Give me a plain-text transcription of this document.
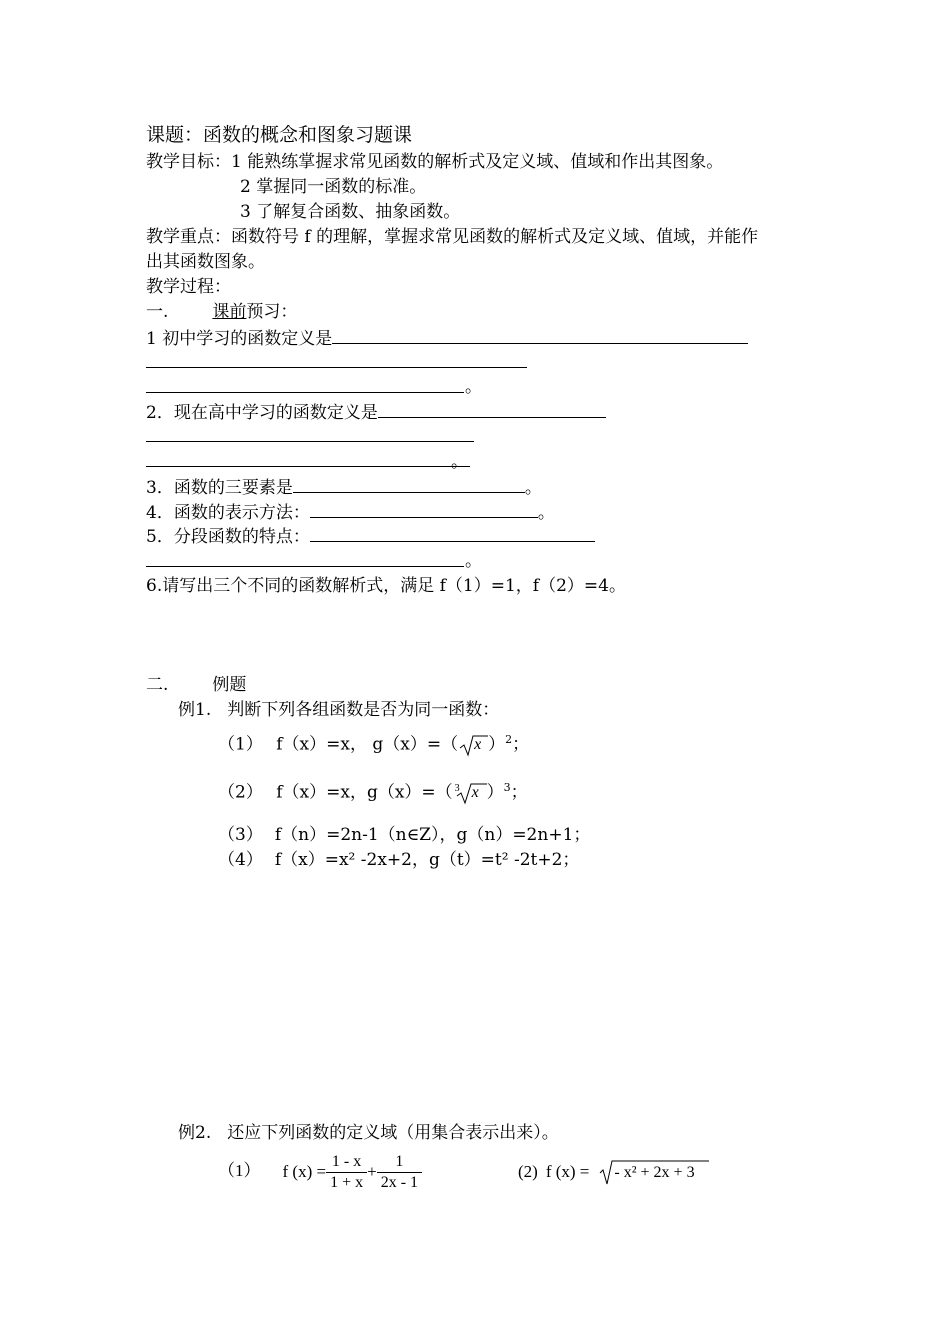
课题：函数的概念和图象习题课
教学目标：1 能熟练掌握求常见函数的解析式及定义域、值域和作出其图象。
2 掌握同一函数的标准。
3 了解复合函数、抽象函数。
教学重点：函数符号 f 的理解，掌握求常见函数的解析式及定义域、值域，并能作
出其函数图象。
教学过程：
一.	课前预习：
1 初中学习的函数定义是
。
2．现在高中学习的函数定义是
。
3．函数的三要素是	。
4．函数的表示方法：	。
5．分段函数的特点：
。
6.请写出三个不同的函数解析式，满足 f（1）=1，f（2）=4。
二.	例题
例1. 判断下列各组函数是否为同一函数：
（1） f（x）=x， g（x）=（ x ）$^2$；
（2） f（x）=x，g（x）=（ 3 x ）$^3$；
（3） f（n）=2n-1（n∈Z），g（n）=2n+1；
（4） f（x）=x² -2x+2，g（t）=t² -2t+2；
例2. 还应下列函数的定义域（用集合表示出来）。
（1） f $(x) = \frac{1 - x}{1 + x} + \frac{1}{2x - 1}$	(2) f (x) = - x² + 2x + 3
